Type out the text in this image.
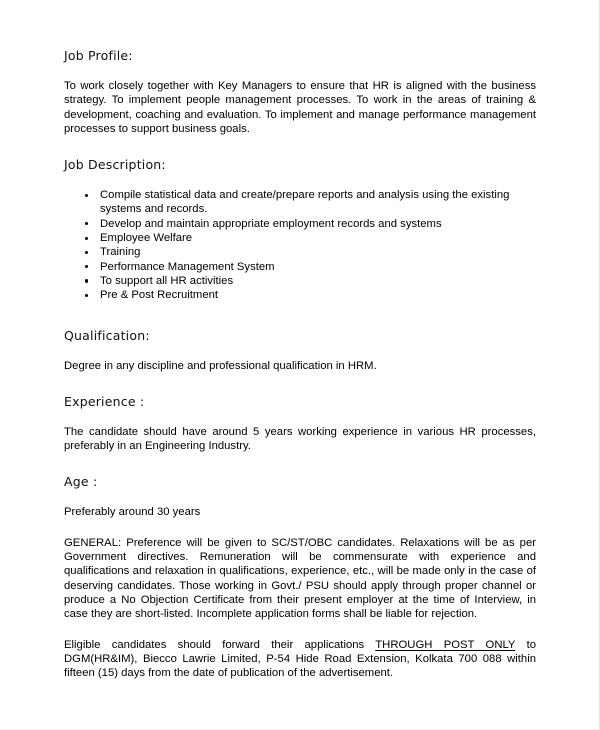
Job Profile:

To work closely together with Key Managers to ensure that HR is aligned with the business strategy. To implement people management processes. To work in the areas of training & development, coaching and evaluation. To implement and manage performance management processes to support business goals.

Job Description:
Compile statistical data and create/prepare reports and analysis using the existing systems and records.
Develop and maintain appropriate employment records and systems
Employee Welfare
Training
Performance Management System
To support all HR activities
Pre & Post Recruitment
Qualification:

Degree in any discipline and professional qualification in HRM.

Experience :

The candidate should have around 5 years working experience in various HR processes, preferably in an Engineering Industry.

Age :

Preferably around 30 years

GENERAL: Preference will be given to SC/ST/OBC candidates. Relaxations will be as per Government directives. Remuneration will be commensurate with experience and qualifications and relaxation in qualifications, experience, etc., will be made only in the case of deserving candidates. Those working in Govt./ PSU should apply through proper channel or produce a No Objection Certificate from their present employer at the time of Interview, in case they are short-listed. Incomplete application forms shall be liable for rejection.

Eligible candidates should forward their applications THROUGH POST ONLY to DGM(HR&IM), Biecco Lawrie Limited, P-54 Hide Road Extension, Kolkata 700 088 within fifteen (15) days from the date of publication of the advertisement.
